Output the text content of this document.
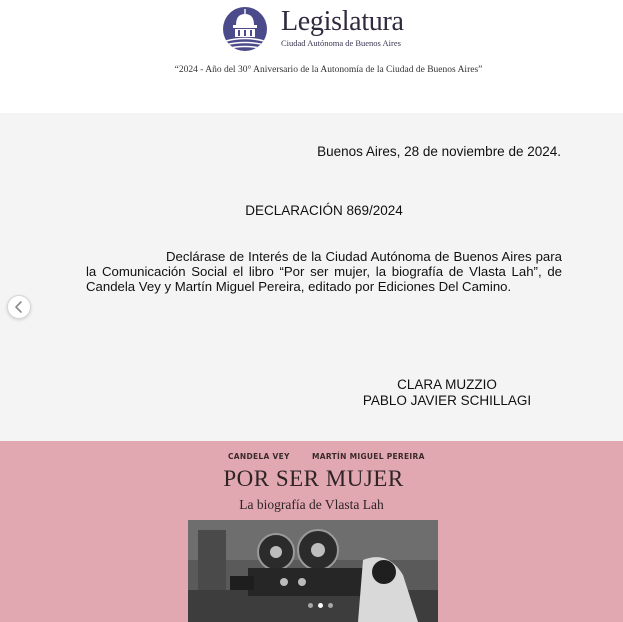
Legislatura
Ciudad Autónoma de Buenos Aires
“2024 - Año del 30° Aniversario de la Autonomía de la Ciudad de Buenos Aires”
Buenos Aires, 28 de noviembre de 2024.
DECLARACIÓN 869/2024
Declárase de Interés de la Ciudad Autónoma de Buenos Aires para la Comunicación Social el libro “Por ser mujer, la biografía de Vlasta Lah”, de Candela Vey y Martín Miguel Pereira, editado por Ediciones Del Camino.
CLARA MUZZIO
PABLO JAVIER SCHILLAGI
CANDELA VEY	MARTÍN MIGUEL PEREIRA
POR SER MUJER
La biografía de Vlasta Lah
